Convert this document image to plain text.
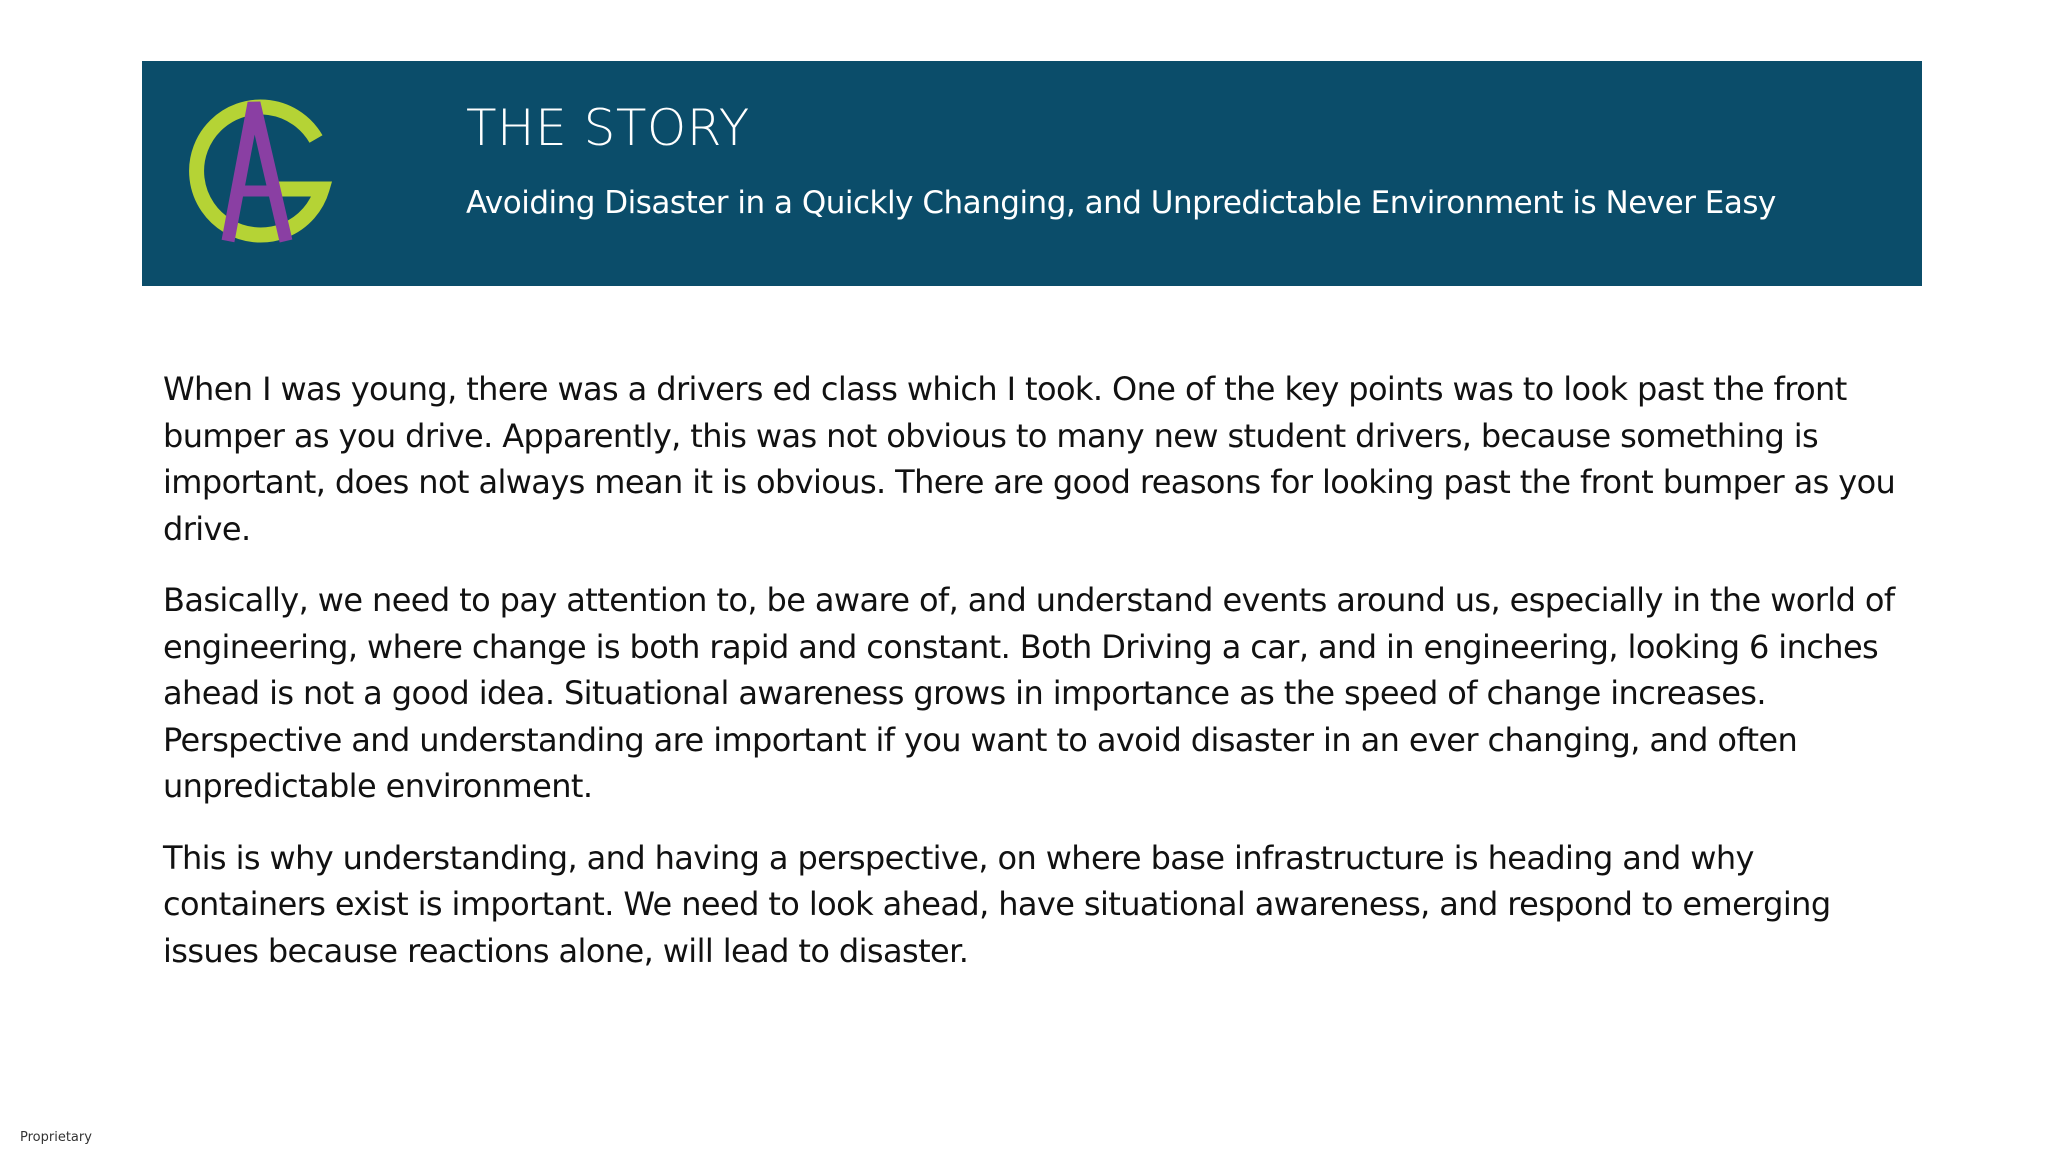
THE STORY
Avoiding Disaster in a Quickly Changing, and Unpredictable Environment is Never Easy

When I was young, there was a drivers ed class which I took. One of the key points was to look past the front bumper as you drive. Apparently, this was not obvious to many new student drivers, because something is important, does not always mean it is obvious. There are good reasons for looking past the front bumper as you drive.

Basically, we need to pay attention to, be aware of, and understand events around us, especially in the world of engineering, where change is both rapid and constant. Both Driving a car, and in engineering, looking 6 inches ahead is not a good idea. Situational awareness grows in importance as the speed of change increases. Perspective and understanding are important if you want to avoid disaster in an ever changing, and often unpredictable environment.

This is why understanding, and having a perspective, on where base infrastructure is heading and why containers exist is important. We need to look ahead, have situational awareness, and respond to emerging issues because reactions alone, will lead to disaster.

Proprietary
